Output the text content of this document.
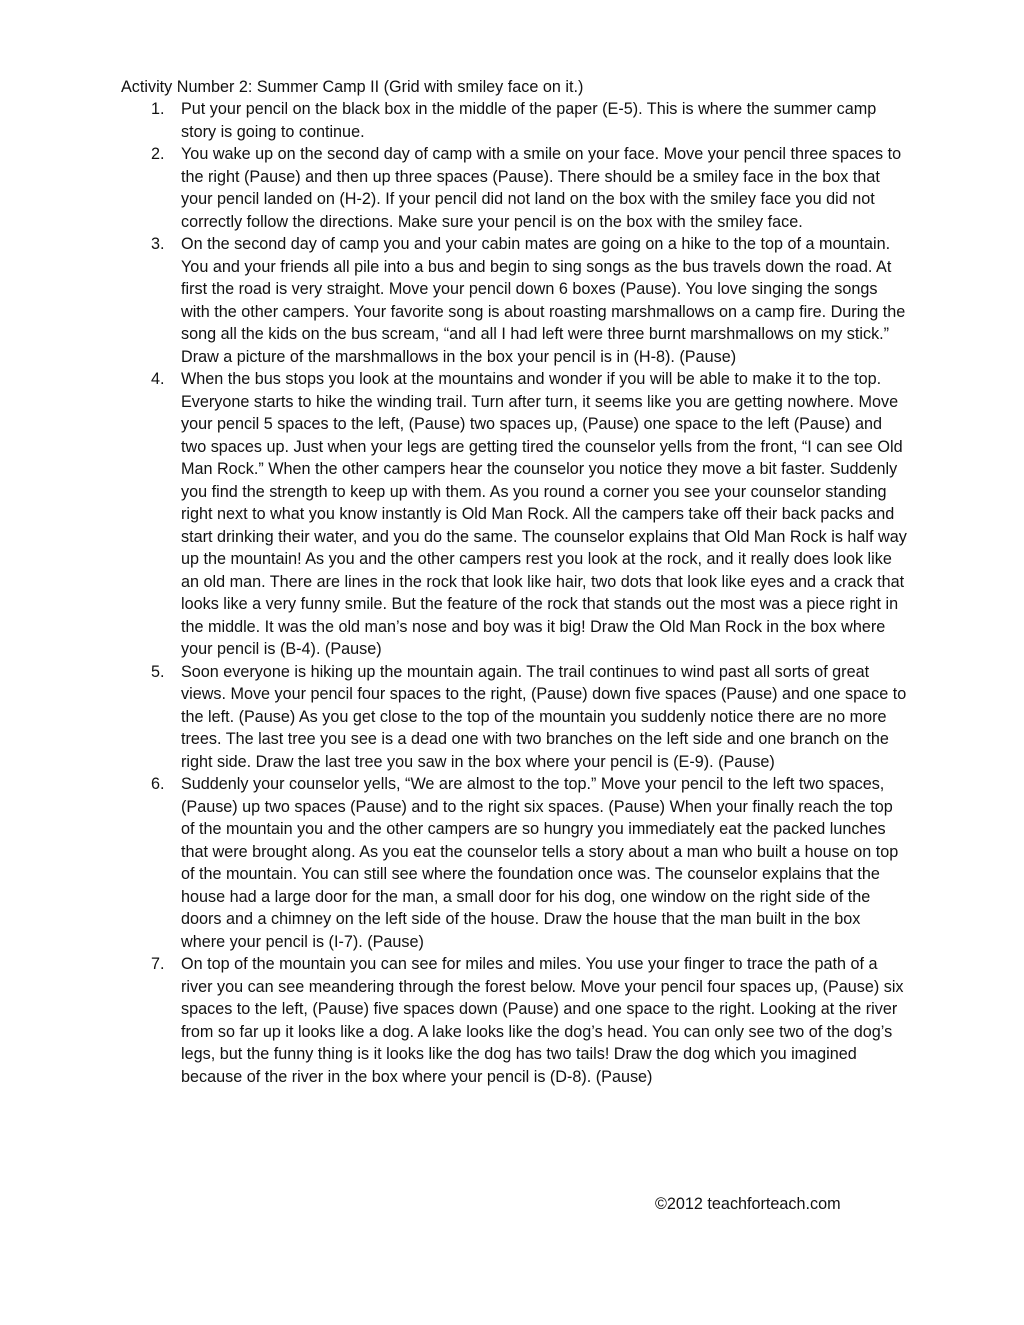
Activity Number 2: Summer Camp II (Grid with smiley face on it.)
1. Put your pencil on the black box in the middle of the paper (E-5). This is where the summer camp story is going to continue.
2. You wake up on the second day of camp with a smile on your face. Move your pencil three spaces to the right (Pause) and then up three spaces (Pause). There should be a smiley face in the box that your pencil landed on (H-2). If your pencil did not land on the box with the smiley face you did not correctly follow the directions. Make sure your pencil is on the box with the smiley face.
3. On the second day of camp you and your cabin mates are going on a hike to the top of a mountain. You and your friends all pile into a bus and begin to sing songs as the bus travels down the road. At first the road is very straight. Move your pencil down 6 boxes (Pause). You love singing the songs with the other campers. Your favorite song is about roasting marshmallows on a camp fire. During the song all the kids on the bus scream, “and all I had left were three burnt marshmallows on my stick.” Draw a picture of the marshmallows in the box your pencil is in (H-8). (Pause)
4. When the bus stops you look at the mountains and wonder if you will be able to make it to the top. Everyone starts to hike the winding trail. Turn after turn, it seems like you are getting nowhere. Move your pencil 5 spaces to the left, (Pause) two spaces up, (Pause) one space to the left (Pause) and two spaces up. Just when your legs are getting tired the counselor yells from the front, “I can see Old Man Rock.” When the other campers hear the counselor you notice they move a bit faster. Suddenly you find the strength to keep up with them. As you round a corner you see your counselor standing right next to what you know instantly is Old Man Rock. All the campers take off their back packs and start drinking their water, and you do the same. The counselor explains that Old Man Rock is half way up the mountain! As you and the other campers rest you look at the rock, and it really does look like an old man. There are lines in the rock that look like hair, two dots that look like eyes and a crack that looks like a very funny smile. But the feature of the rock that stands out the most was a piece right in the middle. It was the old man’s nose and boy was it big! Draw the Old Man Rock in the box where your pencil is (B-4). (Pause)
5. Soon everyone is hiking up the mountain again. The trail continues to wind past all sorts of great views. Move your pencil four spaces to the right, (Pause) down five spaces (Pause) and one space to the left. (Pause) As you get close to the top of the mountain you suddenly notice there are no more trees. The last tree you see is a dead one with two branches on the left side and one branch on the right side. Draw the last tree you saw in the box where your pencil is (E-9). (Pause)
6. Suddenly your counselor yells, “We are almost to the top.” Move your pencil to the left two spaces, (Pause) up two spaces (Pause) and to the right six spaces. (Pause) When your finally reach the top of the mountain you and the other campers are so hungry you immediately eat the packed lunches that were brought along. As you eat the counselor tells a story about a man who built a house on top of the mountain. You can still see where the foundation once was. The counselor explains that the house had a large door for the man, a small door for his dog, one window on the right side of the doors and a chimney on the left side of the house. Draw the house that the man built in the box where your pencil is (I-7). (Pause)
7. On top of the mountain you can see for miles and miles. You use your finger to trace the path of a river you can see meandering through the forest below. Move your pencil four spaces up, (Pause) six spaces to the left, (Pause) five spaces down (Pause) and one space to the right. Looking at the river from so far up it looks like a dog. A lake looks like the dog’s head. You can only see two of the dog’s legs, but the funny thing is it looks like the dog has two tails! Draw the dog which you imagined because of the river in the box where your pencil is (D-8). (Pause)
©2012 teachforteach.com
